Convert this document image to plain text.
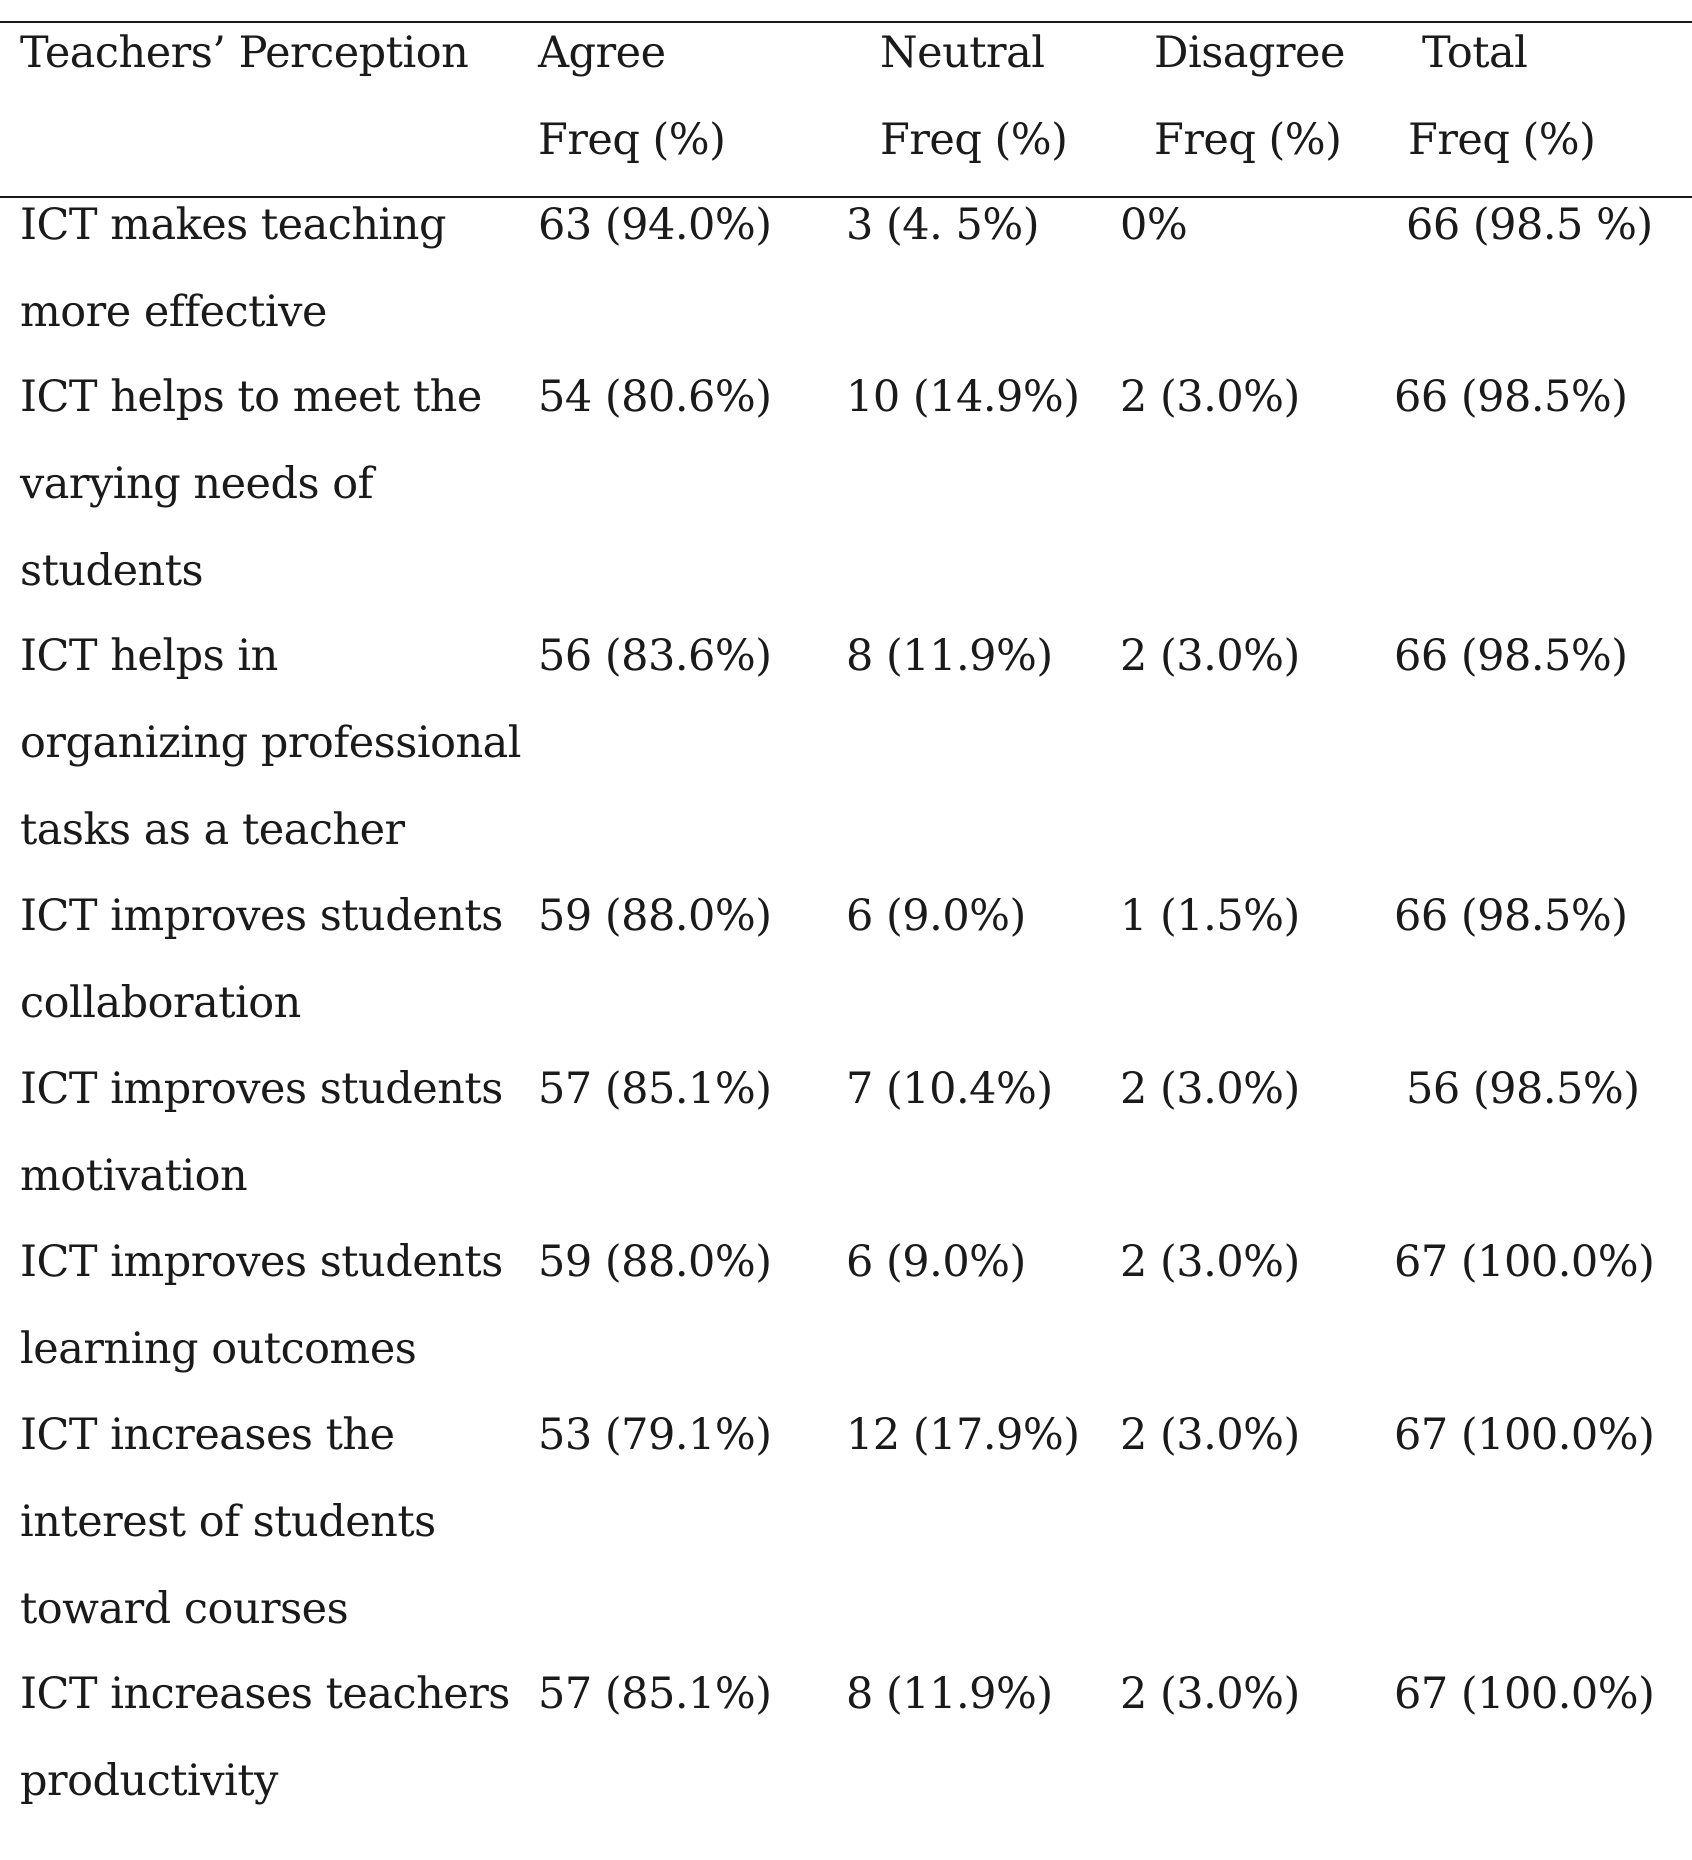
Teachers’ Perception Agree
Freq (%)
Neutral
Freq (%)
Disagree
Freq (%)
Total
Freq (%)
ICT makes teaching
more effective
63 (94.0%) 3 (4. 5%) 0%	66 (98.5 %)
ICT helps to meet the
varying needs of
students
54 (80.6%) 10 (14.9%) 2 (3.0%) 66 (98.5%)
ICT helps in
organizing professional
tasks as a teacher
56 (83.6%) 8 (11.9%) 2 (3.0%) 66 (98.5%)
ICT improves students
collaboration
59 (88.0%) 6 (9.0%) 1 (1.5%) 66 (98.5%)
ICT improves students
motivation
57 (85.1%) 7 (10.4%) 2 (3.0%) 56 (98.5%)
ICT improves students
learning outcomes
59 (88.0%) 6 (9.0%) 2 (3.0%) 67 (100.0%)
ICT increases the
interest of students
toward courses
53 (79.1%) 12 (17.9%) 2 (3.0%) 67 (100.0%)
ICT increases teachers
productivity
57 (85.1%) 8 (11.9%) 2 (3.0%) 67 (100.0%)
